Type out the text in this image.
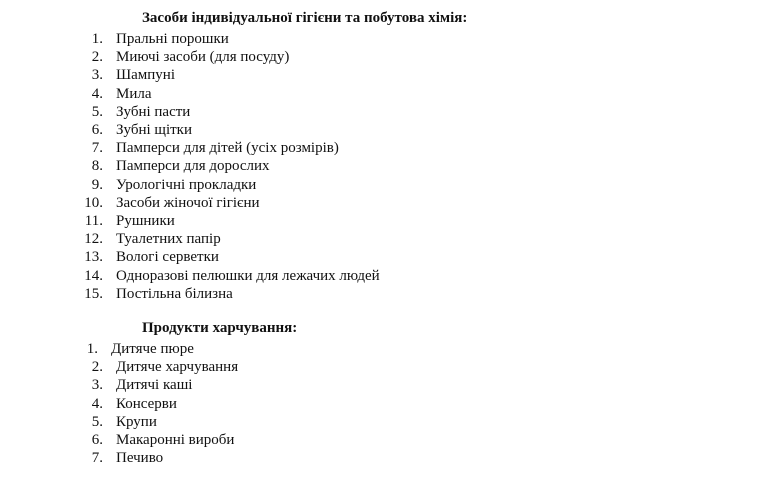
Засоби індивідуальної гігієни та побутова хімія:
1. Пральні порошки
2. Миючі засоби (для посуду)
3. Шампуні
4. Мила
5. Зубні пасти
6. Зубні щітки
7. Памперси для дітей (усіх розмірів)
8. Памперси для дорослих
9. Урологічні прокладки
10. Засоби жіночої гігієни
11. Рушники
12. Туалетних папір
13. Вологі серветки
14. Одноразові пелюшки для лежачих людей
15. Постільна білизна
Продукти харчування:
1. Дитяче пюре
2. Дитяче харчування
3. Дитячі каші
4. Консерви
5. Крупи
6. Макаронні вироби
7. Печиво
